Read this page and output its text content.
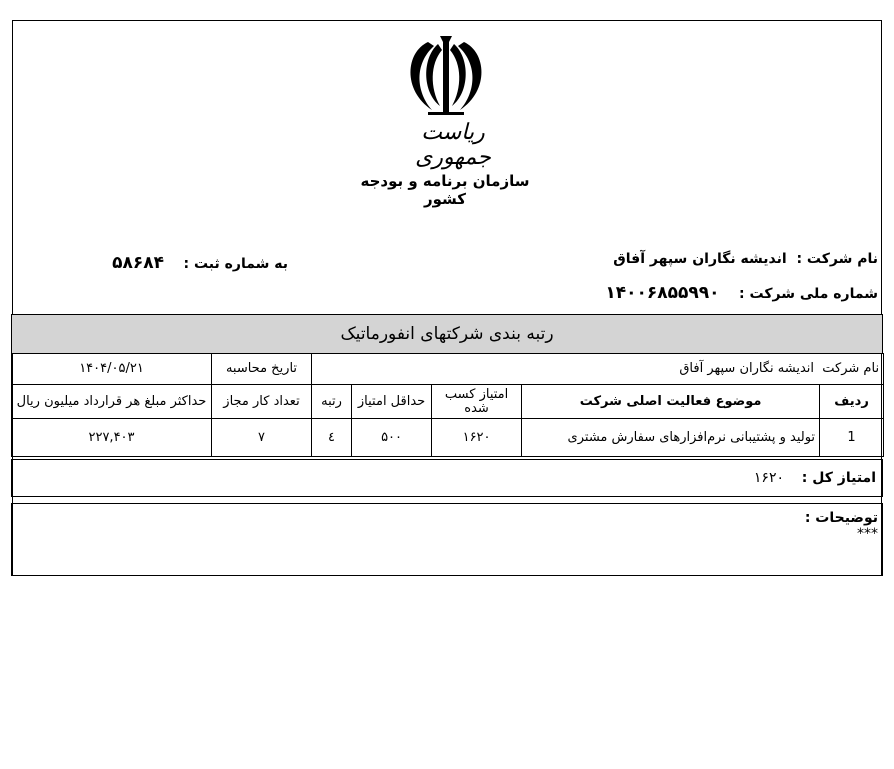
ریاست جمهوری
سازمان برنامه و بودجه کشور
نام شرکت :  اندیشه نگاران سپهر آفاق
شماره ملی شرکت :    ۱۴۰۰۶۸۵۵۹۹۰
به شماره ثبت :    ۵۸۶۸۴
رتبه بندی شرکتهای انفورماتیک
نام شرکت  اندیشه نگاران سپهر آفاق					تاریخ محاسبه	۱۴۰۴/۰۵/۲۱
ردیف	موضوع فعالیت اصلی شرکت	امتیاز کسب شده	حداقل امتیاز	رتبه	تعداد کار مجاز	حداکثر مبلغ هر قرارداد میلیون ریال
1	تولید و پشتیبانی نرم‌افزارهای سفارش مشتری	۱۶۲۰	۵۰۰	٤	۷	۲۲۷,۴۰۳
امتیاز کل :

۱۶۲۰
توضیحات :
***
